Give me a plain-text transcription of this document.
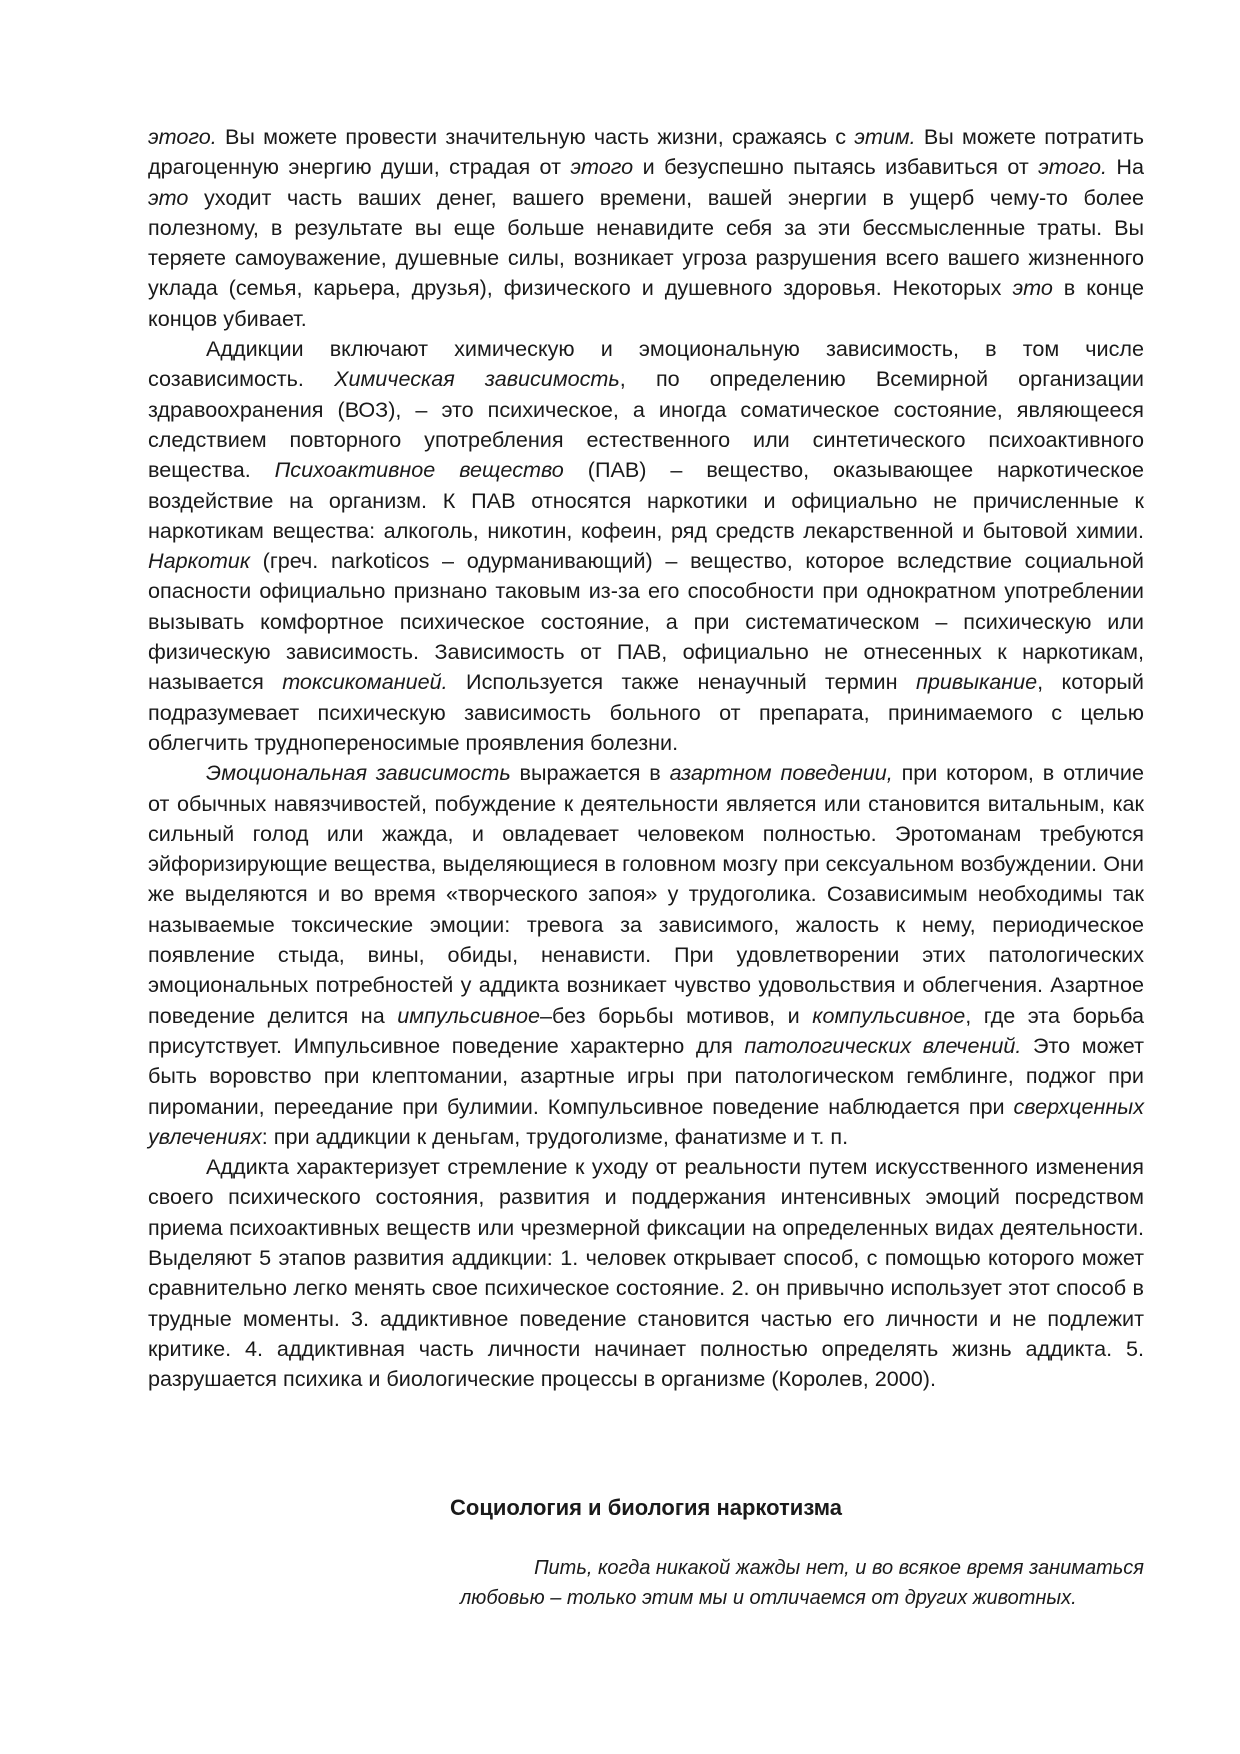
этого. Вы можете провести значительную часть жизни, сражаясь с этим. Вы можете потратить драгоценную энергию души, страдая от этого и безуспешно пытаясь избавиться от этого. На это уходит часть ваших денег, вашего времени, вашей энергии в ущерб чему-то более полезному, в результате вы еще больше ненавидите себя за эти бессмысленные траты. Вы теряете самоуважение, душевные силы, возникает угроза разрушения всего вашего жизненного уклада (семья, карьера, друзья), физического и душевного здоровья. Некоторых это в конце концов убивает.

Аддикции включают химическую и эмоциональную зависимость, в том числе созависимость. Химическая зависимость, по определению Всемирной организации здравоохранения (ВОЗ), – это психическое, а иногда соматическое состояние, являющееся следствием повторного употребления естественного или синтетического психоактивного вещества. Психоактивное вещество (ПАВ) – вещество, оказывающее наркотическое воздействие на организм. К ПАВ относятся наркотики и официально не причисленные к наркотикам вещества: алкоголь, никотин, кофеин, ряд средств лекарственной и бытовой химии. Наркотик (греч. narkoticos – одурманивающий) – вещество, которое вследствие социальной опасности официально признано таковым из-за его способности при однократном употреблении вызывать комфортное психическое состояние, а при систематическом – психическую или физическую зависимость. Зависимость от ПАВ, официально не отнесенных к наркотикам, называется токсикоманией. Используется также ненаучный термин привыкание, который подразумевает психическую зависимость больного от препарата, принимаемого с целью облегчить труднопереносимые проявления болезни.

Эмоциональная зависимость выражается в азартном поведении, при котором, в отличие от обычных навязчивостей, побуждение к деятельности является или становится витальным, как сильный голод или жажда, и овладевает человеком полностью. Эротоманам требуются эйфоризирующие вещества, выделяющиеся в головном мозгу при сексуальном возбуждении. Они же выделяются и во время «творческого запоя» у трудоголика. Созависимым необходимы так называемые токсические эмоции: тревога за зависимого, жалость к нему, периодическое появление стыда, вины, обиды, ненависти. При удовлетворении этих патологических эмоциональных потребностей у аддикта возникает чувство удовольствия и облегчения. Азартное поведение делится на импульсивное–без борьбы мотивов, и компульсивное, где эта борьба присутствует. Импульсивное поведение характерно для патологических влечений. Это может быть воровство при клептомании, азартные игры при патологическом гемблинге, поджог при пиромании, переедание при булимии. Компульсивное поведение наблюдается при сверхценных увлечениях: при аддикции к деньгам, трудоголизме, фанатизме и т. п.

Аддикта характеризует стремление к уходу от реальности путем искусственного изменения своего психического состояния, развития и поддержания интенсивных эмоций посредством приема психоактивных веществ или чрезмерной фиксации на определенных видах деятельности. Выделяют 5 этапов развития аддикции: 1. человек открывает способ, с помощью которого может сравнительно легко менять свое психическое состояние. 2. он привычно использует этот способ в трудные моменты. 3. аддиктивное поведение становится частью его личности и не подлежит критике. 4. аддиктивная часть личности начинает полностью определять жизнь аддикта. 5. разрушается психика и биологические процессы в организме (Королев, 2000).

Социология и биология наркотизма

Пить, когда никакой жажды нет, и во всякое время заниматься
любовью – только этим мы и отличаемся от других животных.
